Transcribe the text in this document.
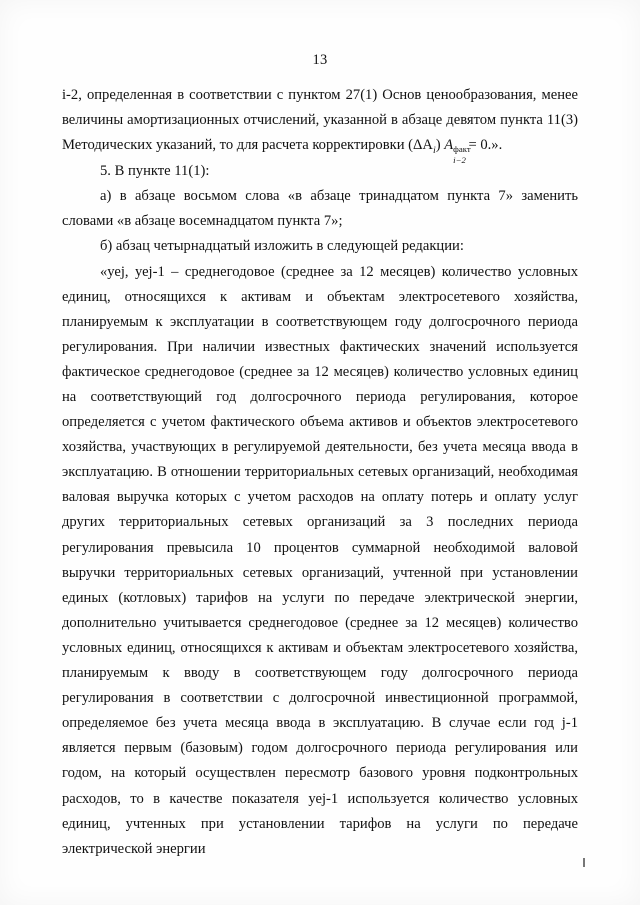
13

i-2, определенная в соответствии с пунктом 27(1) Основ ценообразования, менее величины амортизационных отчислений, указанной в абзаце девятом пункта 11(3) Методических указаний, то для расчета корректировки $(\Delta A_i)$ A факт
i−2
= 0.».

5. В пункте 11(1):

а) в абзаце восьмом слова «в абзаце тринадцатом пункта 7» заменить словами «в абзаце восемнадцатом пункта 7»;

б) абзац четырнадцатый изложить в следующей редакции:

«уеj, уеj-1 – среднегодовое (среднее за 12 месяцев) количество условных единиц, относящихся к активам и объектам электросетевого хозяйства, планируемым к эксплуатации в соответствующем году долгосрочного периода регулирования. При наличии известных фактических значений используется фактическое среднегодовое (среднее за 12 месяцев) количество условных единиц на соответствующий год долгосрочного периода регулирования, которое определяется с учетом фактического объема активов и объектов электросетевого хозяйства, участвующих в регулируемой деятельности, без учета месяца ввода в эксплуатацию. В отношении территориальных сетевых организаций, необходимая валовая выручка которых с учетом расходов на оплату потерь и оплату услуг других территориальных сетевых организаций за 3 последних периода регулирования превысила 10 процентов суммарной необходимой валовой выручки территориальных сетевых организаций, учтенной при установлении единых (котловых) тарифов на услуги по передаче электрической энергии, дополнительно учитывается среднегодовое (среднее за 12 месяцев) количество условных единиц, относящихся к активам и объектам электросетевого хозяйства, планируемым к вводу в соответствующем году долгосрочного периода регулирования в соответствии с долгосрочной инвестиционной программой, определяемое без учета месяца ввода в эксплуатацию. В случае если год j-1 является первым (базовым) годом долгосрочного периода регулирования или годом, на который осуществлен пересмотр базового уровня подконтрольных расходов, то в качестве показателя уеj-1 используется количество условных единиц, учтенных при установлении тарифов на услуги по передаче электрической энергии
